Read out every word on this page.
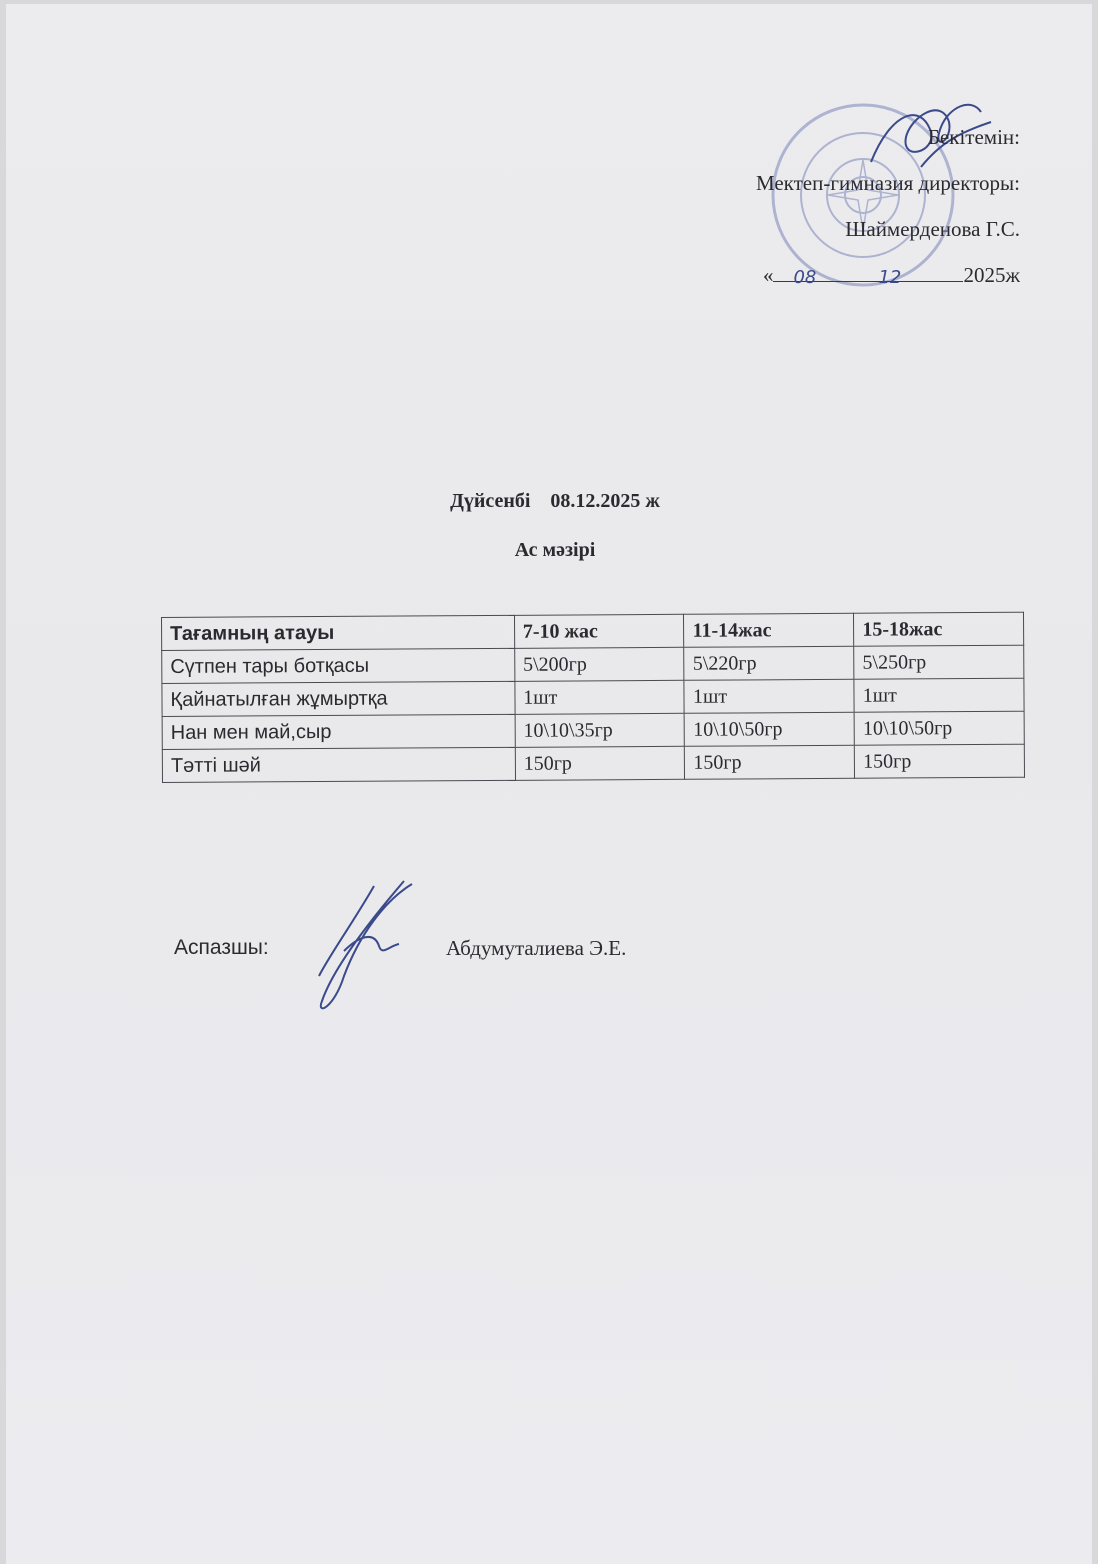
Бекітемін:
Мектеп-гимназия директоры:
Шаймерденова Г.С.
« 08	12	2025ж
Дүйсенбі    08.12.2025 ж
Ас мәзірі
Тағамның атауы	7-10 жас	11-14жас	15-18жас
Сүтпен тары ботқасы	5\200гр	5\220гр	5\250гр
Қайнатылған жұмыртқа	1шт	1шт	1шт
Нан мен май,сыр	10\10\35гр	10\10\50гр	10\10\50гр
Тәтті шәй	150гр	150гр	150гр
Аспазшы:	Абдумуталиева Э.Е.
